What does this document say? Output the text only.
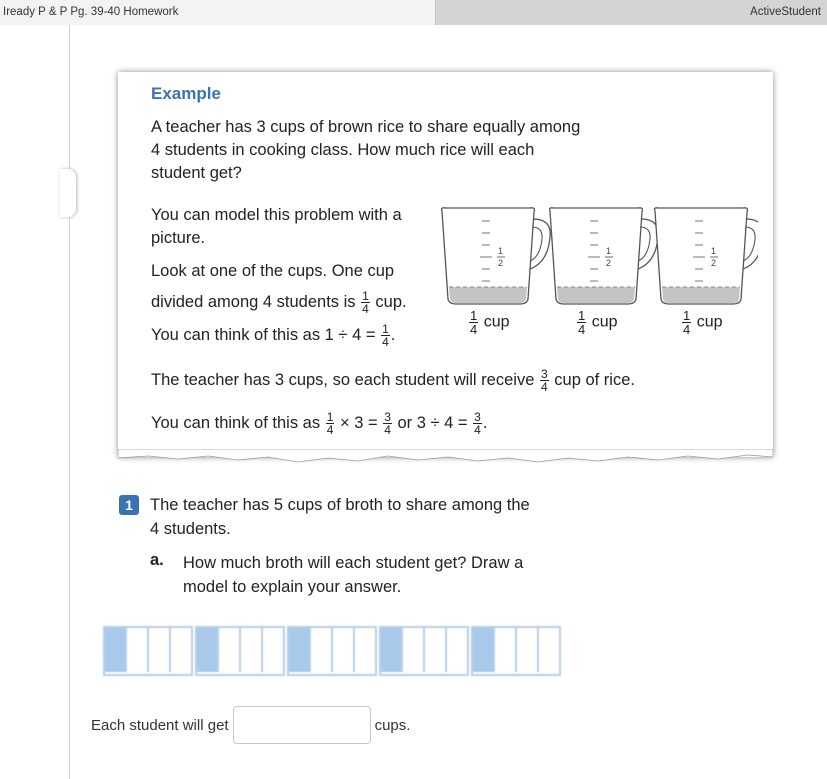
Iready P & P Pg. 39-40 Homework	ActiveStudent
Example
A teacher has 3 cups of brown rice to share equally among
4 students in cooking class. How much rice will each
student get?
You can model this problem with a
picture.
Look at one of the cups. One cup
divided among 4 students is $\frac{1}{4}$ cup.
You can think of this as $1 \div 4 = \frac{1}{4}$ .	$\frac{1}{4}$ cup	$\frac{1}{4}$ cup	$\frac{1}{4}$ cup
The teacher has 3 cups, so each student will receive $\frac{3}{4}$ cup of rice.
You can think of this as $\frac{1}{4} \times 3 = \frac{3}{4}$ or $3 \div 4 = \frac{3}{4}$ .
1	The teacher has 5 cups of broth to share among the
4 students.
a. How much broth will each student get? Draw a
model to explain your answer.
Each student will get	cups.
